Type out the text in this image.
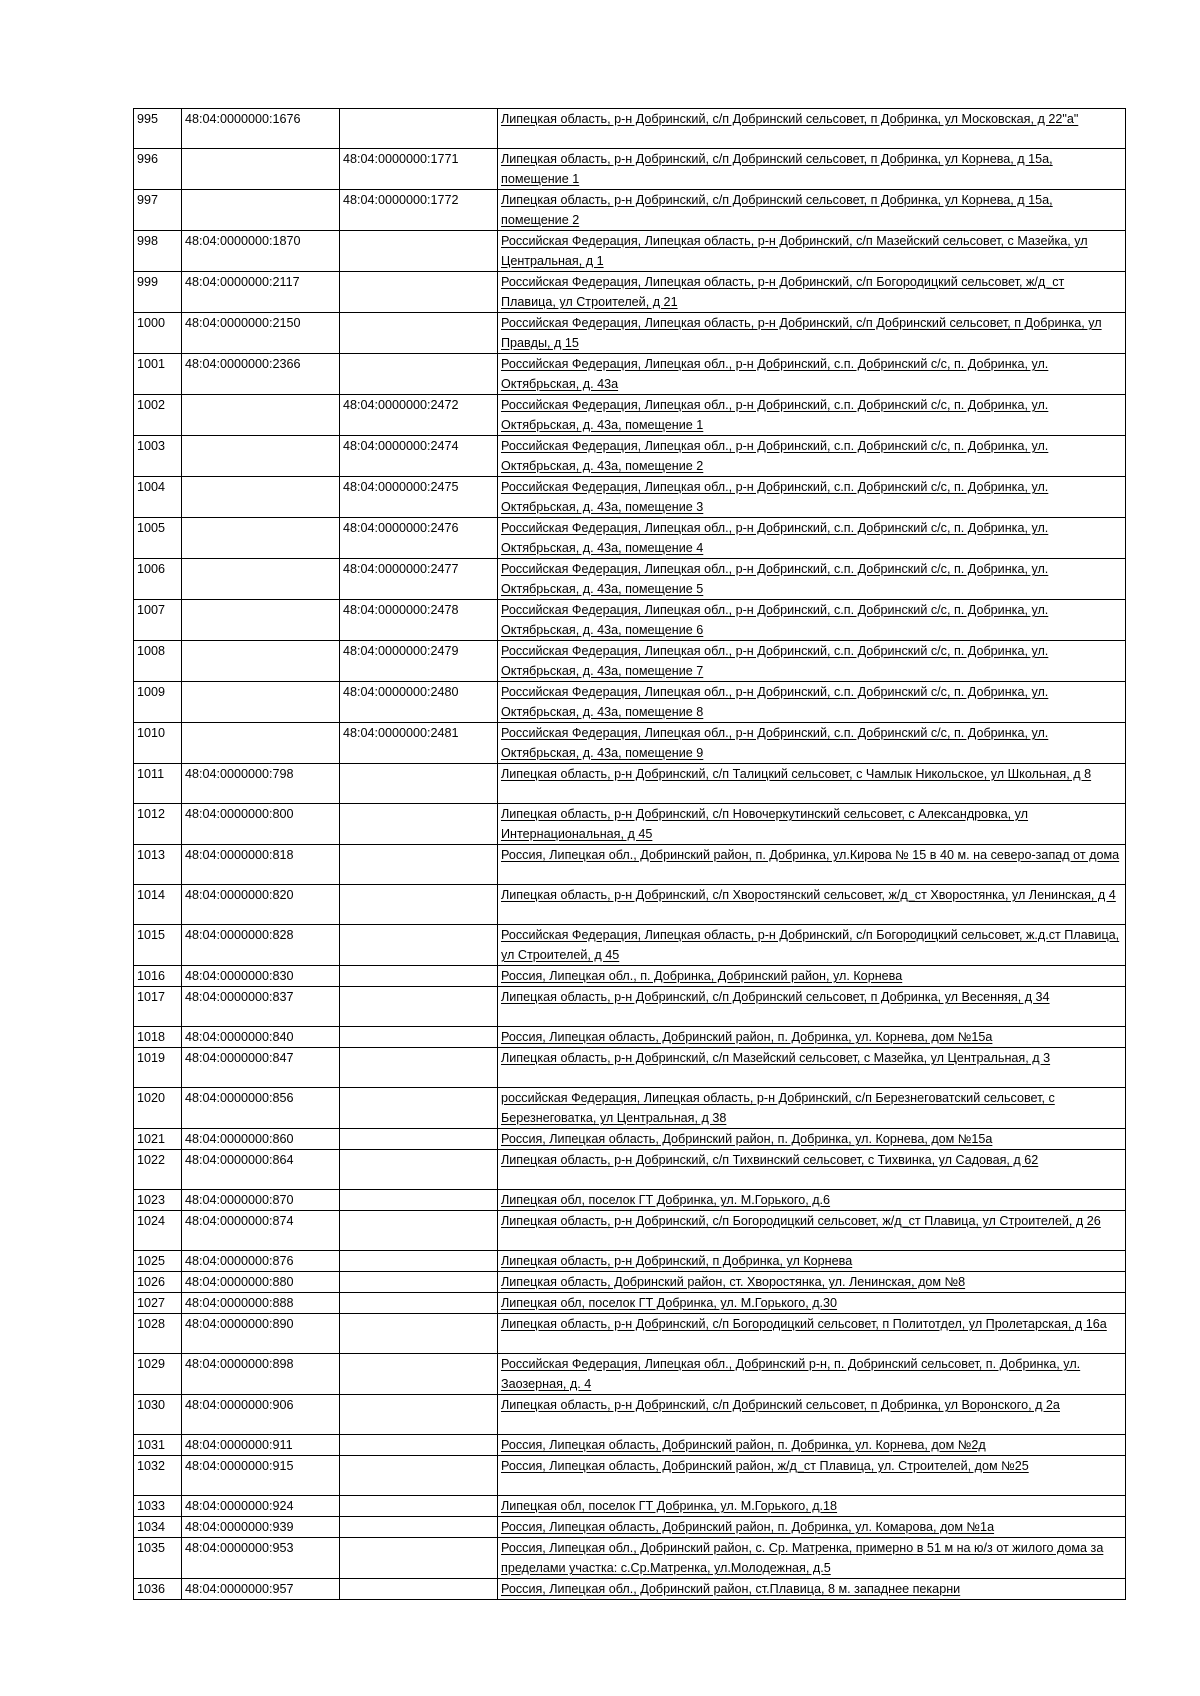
995	48:04:0000000:1676		Липецкая область, р-н Добринский, с/п Добринский сельсовет, п Добринка, ул Московская, д 22"а"
996		48:04:0000000:1771	Липецкая область, р-н Добринский, с/п Добринский сельсовет, п Добринка, ул Корнева, д 15а, помещение 1
997		48:04:0000000:1772	Липецкая область, р-н Добринский, с/п Добринский сельсовет, п Добринка, ул Корнева, д 15а, помещение 2
998	48:04:0000000:1870		Российская Федерация, Липецкая область, р-н Добринский, с/п Мазейский сельсовет, с Мазейка, ул Центральная, д 1
999	48:04:0000000:2117		Российская Федерация, Липецкая область, р-н Добринский, с/п Богородицкий сельсовет, ж/д_ст Плавица, ул Строителей, д 21
1000	48:04:0000000:2150		Российская Федерация, Липецкая область, р-н Добринский, с/п Добринский сельсовет, п Добринка, ул Правды, д 15
1001	48:04:0000000:2366		Российская Федерация, Липецкая обл., р-н Добринский, с.п. Добринский с/с, п. Добринка, ул. Октябрьская, д. 43а
1002		48:04:0000000:2472	Российская Федерация, Липецкая обл., р-н Добринский, с.п. Добринский с/с, п. Добринка, ул. Октябрьская, д. 43а, помещение 1
1003		48:04:0000000:2474	Российская Федерация, Липецкая обл., р-н Добринский, с.п. Добринский с/с, п. Добринка, ул. Октябрьская, д. 43а, помещение 2
1004		48:04:0000000:2475	Российская Федерация, Липецкая обл., р-н Добринский, с.п. Добринский с/с, п. Добринка, ул. Октябрьская, д. 43а, помещение 3
1005		48:04:0000000:2476	Российская Федерация, Липецкая обл., р-н Добринский, с.п. Добринский с/с, п. Добринка, ул. Октябрьская, д. 43а, помещение 4
1006		48:04:0000000:2477	Российская Федерация, Липецкая обл., р-н Добринский, с.п. Добринский с/с, п. Добринка, ул. Октябрьская, д. 43а, помещение 5
1007		48:04:0000000:2478	Российская Федерация, Липецкая обл., р-н Добринский, с.п. Добринский с/с, п. Добринка, ул. Октябрьская, д. 43а, помещение 6
1008		48:04:0000000:2479	Российская Федерация, Липецкая обл., р-н Добринский, с.п. Добринский с/с, п. Добринка, ул. Октябрьская, д. 43а, помещение 7
1009		48:04:0000000:2480	Российская Федерация, Липецкая обл., р-н Добринский, с.п. Добринский с/с, п. Добринка, ул. Октябрьская, д. 43а, помещение 8
1010		48:04:0000000:2481	Российская Федерация, Липецкая обл., р-н Добринский, с.п. Добринский с/с, п. Добринка, ул. Октябрьская, д. 43а, помещение 9
1011	48:04:0000000:798		Липецкая область, р-н Добринский, с/п Талицкий сельсовет, с Чамлык Никольское, ул Школьная, д 8
1012	48:04:0000000:800		Липецкая область, р-н Добринский, с/п Новочеркутинский сельсовет, с Александровка, ул Интернациональная, д 45
1013	48:04:0000000:818		Россия, Липецкая обл., Добринский район, п. Добринка, ул.Кирова № 15 в 40 м. на северо-запад от дома
1014	48:04:0000000:820		Липецкая область, р-н Добринский, с/п Хворостянский сельсовет, ж/д_ст Хворостянка, ул Ленинская, д 4
1015	48:04:0000000:828		Российская Федерация, Липецкая область, р-н Добринский, с/п Богородицкий сельсовет, ж.д.ст Плавица, ул Строителей, д 45
1016	48:04:0000000:830		Россия, Липецкая обл., п. Добринка, Добринский район, ул. Корнева
1017	48:04:0000000:837		Липецкая область, р-н Добринский, с/п Добринский сельсовет, п Добринка, ул Весенняя, д 34
1018	48:04:0000000:840		Россия, Липецкая область, Добринский район, п. Добринка, ул. Корнева, дом №15а
1019	48:04:0000000:847		Липецкая область, р-н Добринский, с/п Мазейский сельсовет, с Мазейка, ул Центральная, д 3
1020	48:04:0000000:856		российская Федерация, Липецкая область, р-н Добринский, с/п Березнеговатский сельсовет, с Березнеговатка, ул Центральная, д 38
1021	48:04:0000000:860		Россия, Липецкая область, Добринский район, п. Добринка, ул. Корнева, дом №15а
1022	48:04:0000000:864		Липецкая область, р-н Добринский, с/п Тихвинский сельсовет, с Тихвинка, ул Садовая, д 62
1023	48:04:0000000:870		Липецкая обл, поселок ГТ Добринка, ул. М.Горького, д.6
1024	48:04:0000000:874		Липецкая область, р-н Добринский, с/п Богородицкий сельсовет, ж/д_ст Плавица, ул Строителей, д 26
1025	48:04:0000000:876		Липецкая область, р-н Добринский, п Добринка, ул Корнева
1026	48:04:0000000:880		Липецкая область, Добринский район, ст. Хворостянка, ул. Ленинская, дом №8
1027	48:04:0000000:888		Липецкая обл, поселок ГТ Добринка, ул. М.Горького, д.30
1028	48:04:0000000:890		Липецкая область, р-н Добринский, с/п Богородицкий сельсовет, п Политотдел, ул Пролетарская, д 16а
1029	48:04:0000000:898		Российская Федерация, Липецкая обл., Добринский р-н, п. Добринский сельсовет, п. Добринка, ул. Заозерная, д. 4
1030	48:04:0000000:906		Липецкая область, р-н Добринский, с/п Добринский сельсовет, п Добринка, ул Воронского, д 2а
1031	48:04:0000000:911		Россия, Липецкая область, Добринский район, п. Добринка, ул. Корнева, дом №2д
1032	48:04:0000000:915		Россия, Липецкая область, Добринский район, ж/д_ст Плавица, ул. Строителей, дом №25
1033	48:04:0000000:924		Липецкая обл, поселок ГТ Добринка, ул. М.Горького, д.18
1034	48:04:0000000:939		Россия, Липецкая область, Добринский район, п. Добринка, ул. Комарова, дом №1а
1035	48:04:0000000:953		Россия, Липецкая обл., Добринский район, с. Ср. Матренка, примерно в 51 м на ю/з от жилого дома за пределами участка: с.Ср.Матренка, ул.Молодежная, д.5
1036	48:04:0000000:957		Россия, Липецкая обл., Добринский район, ст.Плавица, 8 м. западнее пекарни
